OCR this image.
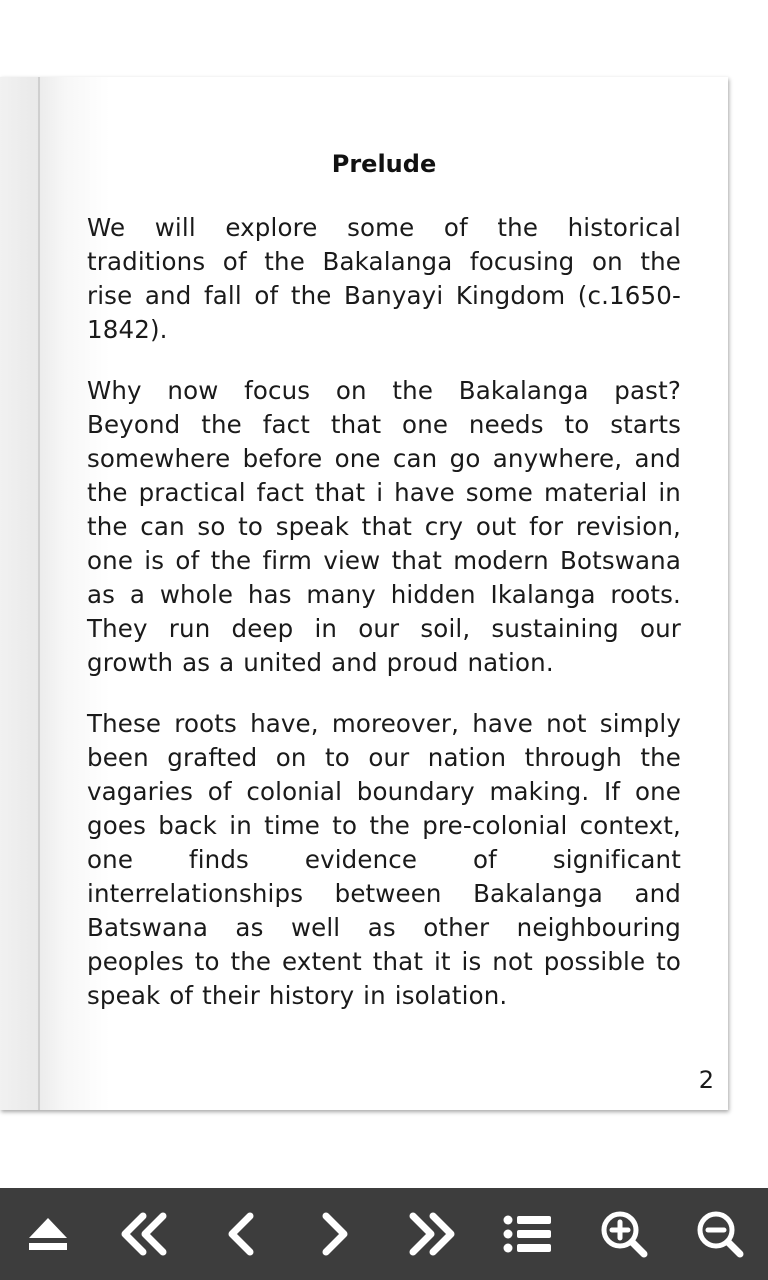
Prelude

We will explore some of the historical traditions of the Bakalanga focusing on the rise and fall of the Banyayi Kingdom (c.1650-1842).

Why now focus on the Bakalanga past? Beyond the fact that one needs to starts somewhere before one can go anywhere, and the practical fact that i have some material in the can so to speak that cry out for revision, one is of the firm view that modern Botswana as a whole has many hidden Ikalanga roots. They run deep in our soil, sustaining our growth as a united and proud nation.

These roots have, moreover, have not simply been grafted on to our nation through the vagaries of colonial boundary making. If one goes back in time to the pre-colonial context, one finds evidence of significant interrelationships between Bakalanga and Batswana as well as other neighbouring peoples to the extent that it is not possible to speak of their history in isolation.

2
